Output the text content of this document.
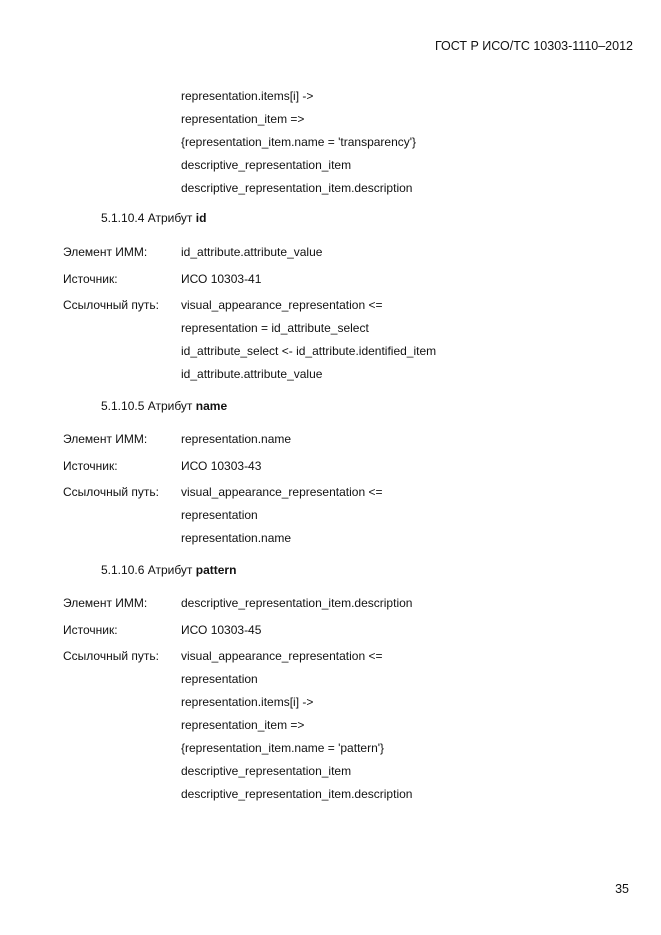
ГОСТ Р ИСО/ТС 10303-1110–2012
representation.items[i] ->
representation_item =>
{representation_item.name = 'transparency'}
descriptive_representation_item
descriptive_representation_item.description
5.1.10.4 Атрибут id
Элемент ИММ:	id_attribute.attribute_value
Источник:	ИСО 10303-41
Ссылочный путь: visual_appearance_representation <=
representation = id_attribute_select
id_attribute_select <- id_attribute.identified_item
id_attribute.attribute_value
5.1.10.5 Атрибут name
Элемент ИММ:	representation.name
Источник:	ИСО 10303-43
Ссылочный путь: visual_appearance_representation <=
representation
representation.name
5.1.10.6 Атрибут pattern
Элемент ИММ:	descriptive_representation_item.description
Источник:	ИСО 10303-45
Ссылочный путь: visual_appearance_representation <=
representation
representation.items[i] ->
representation_item =>
{representation_item.name = 'pattern'}
descriptive_representation_item
descriptive_representation_item.description
35
